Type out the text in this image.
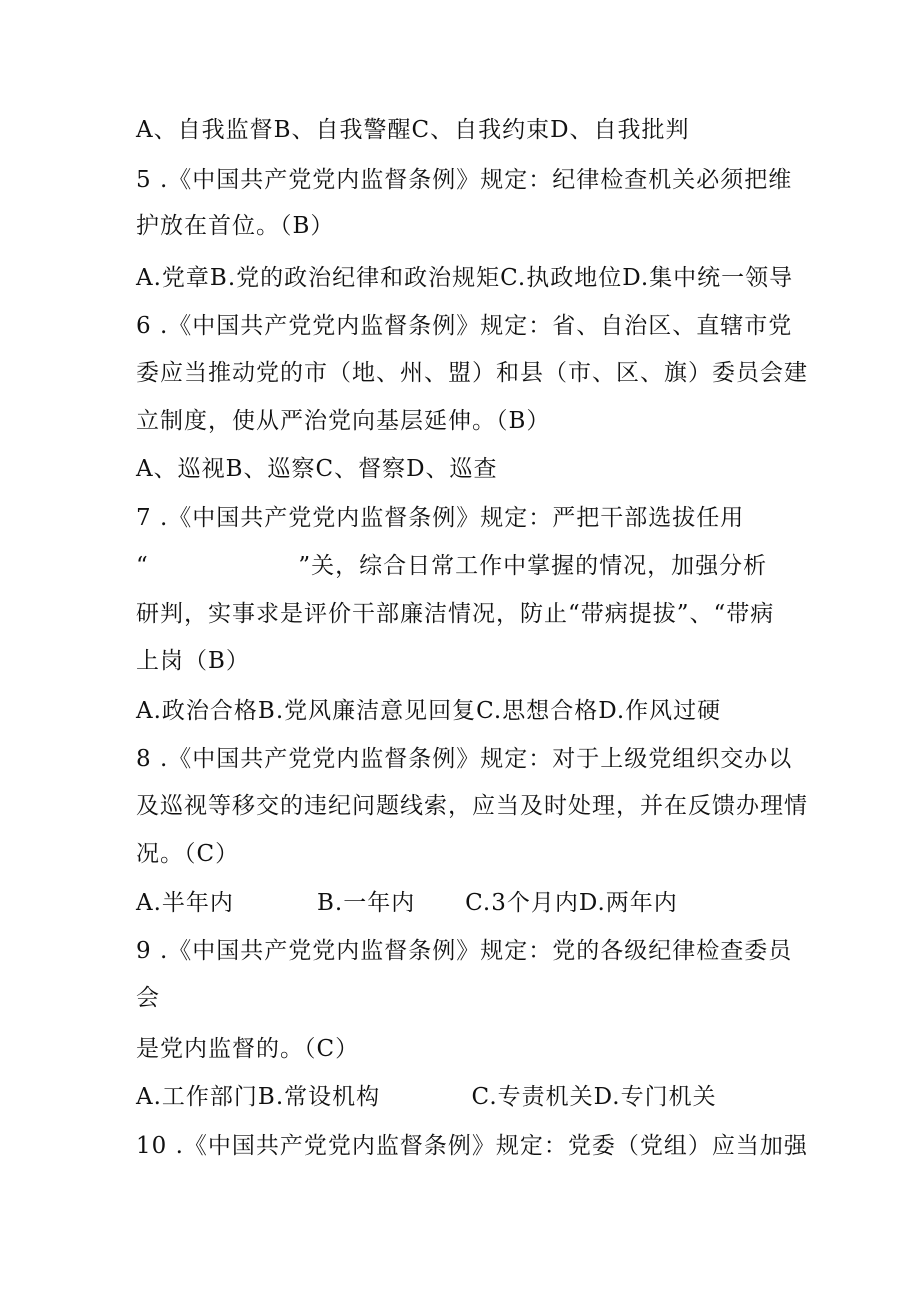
A、自我监督B、自我警醒C、自我约束D、自我批判

5 .《中国共产党党内监督条例》规定：纪律检查机关必须把维

护放在首位。（B）

A.党章B.党的政治纪律和政治规矩C.执政地位D.集中统一领导

6 .《中国共产党党内监督条例》规定：省、自治区、直辖市党

委应当推动党的市（地、州、盟）和县（市、区、旗）委员会建

立制度，使从严治党向基层延伸。（B）

A、巡视B、巡察C、督察D、巡查

7 .《中国共产党党内监督条例》规定：严把干部选拔任用

“                  ”关，综合日常工作中掌握的情况，加强分析

研判，实事求是评价干部廉洁情况，防止“带病提拔”、“带病

上岗（B）

A.政治合格B.党风廉洁意见回复C.思想合格D.作风过硬

8 .《中国共产党党内监督条例》规定：对于上级党组织交办以

及巡视等移交的违纪问题线索，应当及时处理，并在反馈办理情

况。（C）

A.半年内          B.一年内      C.3个月内D.两年内

9 .《中国共产党党内监督条例》规定：党的各级纪律检查委员

会

是党内监督的。（C）

A.工作部门B.常设机构           C.专责机关D.专门机关

10 .《中国共产党党内监督条例》规定：党委（党组）应当加强
